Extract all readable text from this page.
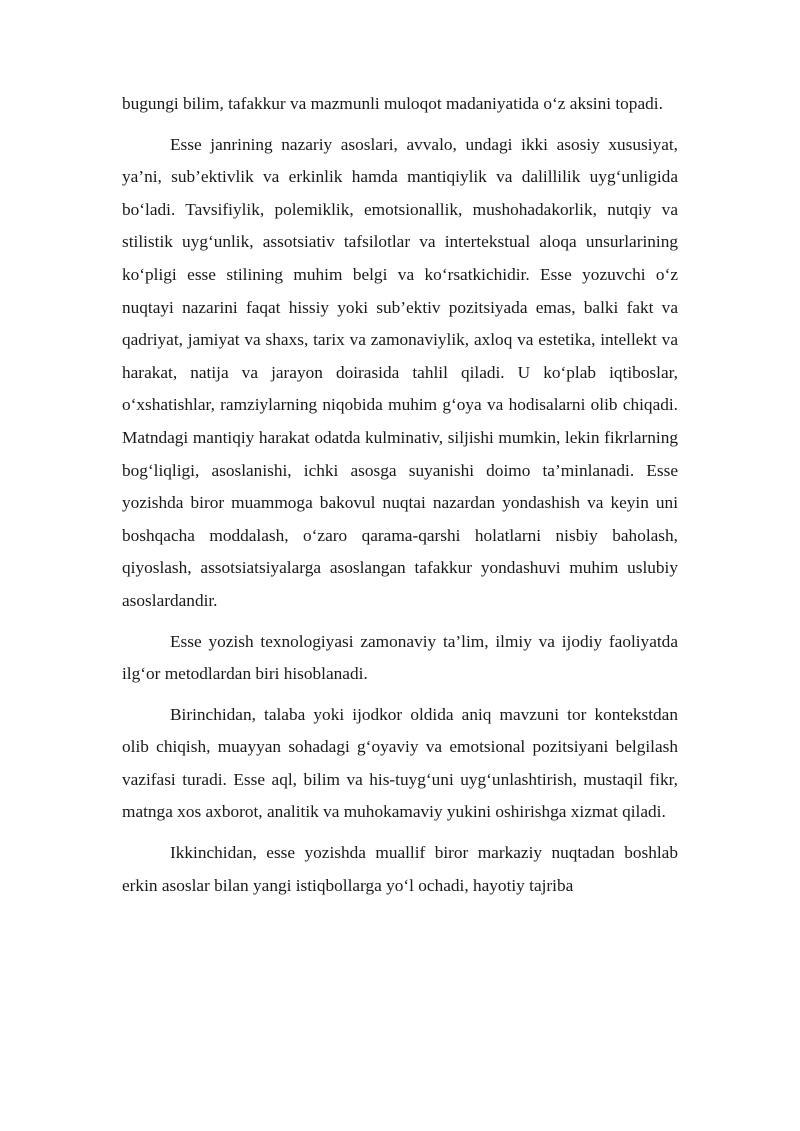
bugungi bilim, tafakkur va mazmunli muloqot madaniyatida o‘z aksini topadi.

Esse janrining nazariy asoslari, avvalo, undagi ikki asosiy xususiyat, ya’ni, sub’ektivlik va erkinlik hamda mantiqiylik va dalillilik uyg‘unligida bo‘ladi. Tavsifiylik, polemiklik, emotsionallik, mushohadakorlik, nutqiy va stilistik uyg‘unlik, assotsiativ tafsilotlar va intertekstual aloqa unsurlarining ko‘pligi esse stilining muhim belgi va ko‘rsatkichidir. Esse yozuvchi o‘z nuqtayi nazarini faqat hissiy yoki sub’ektiv pozitsiyada emas, balki fakt va qadriyat, jamiyat va shaxs, tarix va zamonaviylik, axloq va estetika, intellekt va harakat, natija va jarayon doirasida tahlil qiladi. U ko‘plab iqtiboslar, o‘xshatishlar, ramziylarning niqobida muhim g‘oya va hodisalarni olib chiqadi. Matndagi mantiqiy harakat odatda kulminativ, siljishi mumkin, lekin fikrlarning bog‘liqligi, asoslanishi, ichki asosga suyanishi doimo ta’minlanadi. Esse yozishda biror muammoga bakovul nuqtai nazardan yondashish va keyin uni boshqacha moddalash, o‘zaro qarama-qarshi holatlarni nisbiy baholash, qiyoslash, assotsiatsiyalarga asoslangan tafakkur yondashuvi muhim uslubiy asoslardandir.

Esse yozish texnologiyasi zamonaviy ta’lim, ilmiy va ijodiy faoliyatda ilg‘or metodlardan biri hisoblanadi.

Birinchidan, talaba yoki ijodkor oldida aniq mavzuni tor kontekstdan olib chiqish, muayyan sohadagi g‘oyaviy va emotsional pozitsiyani belgilash vazifasi turadi. Esse aql, bilim va his-tuyg‘uni uyg‘unlashtirish, mustaqil fikr, matnga xos axborot, analitik va muhokamaviy yukini oshirishga xizmat qiladi.

Ikkinchidan, esse yozishda muallif biror markaziy nuqtadan boshlab erkin asoslar bilan yangi istiqbollarga yo‘l ochadi, hayotiy tajriba
